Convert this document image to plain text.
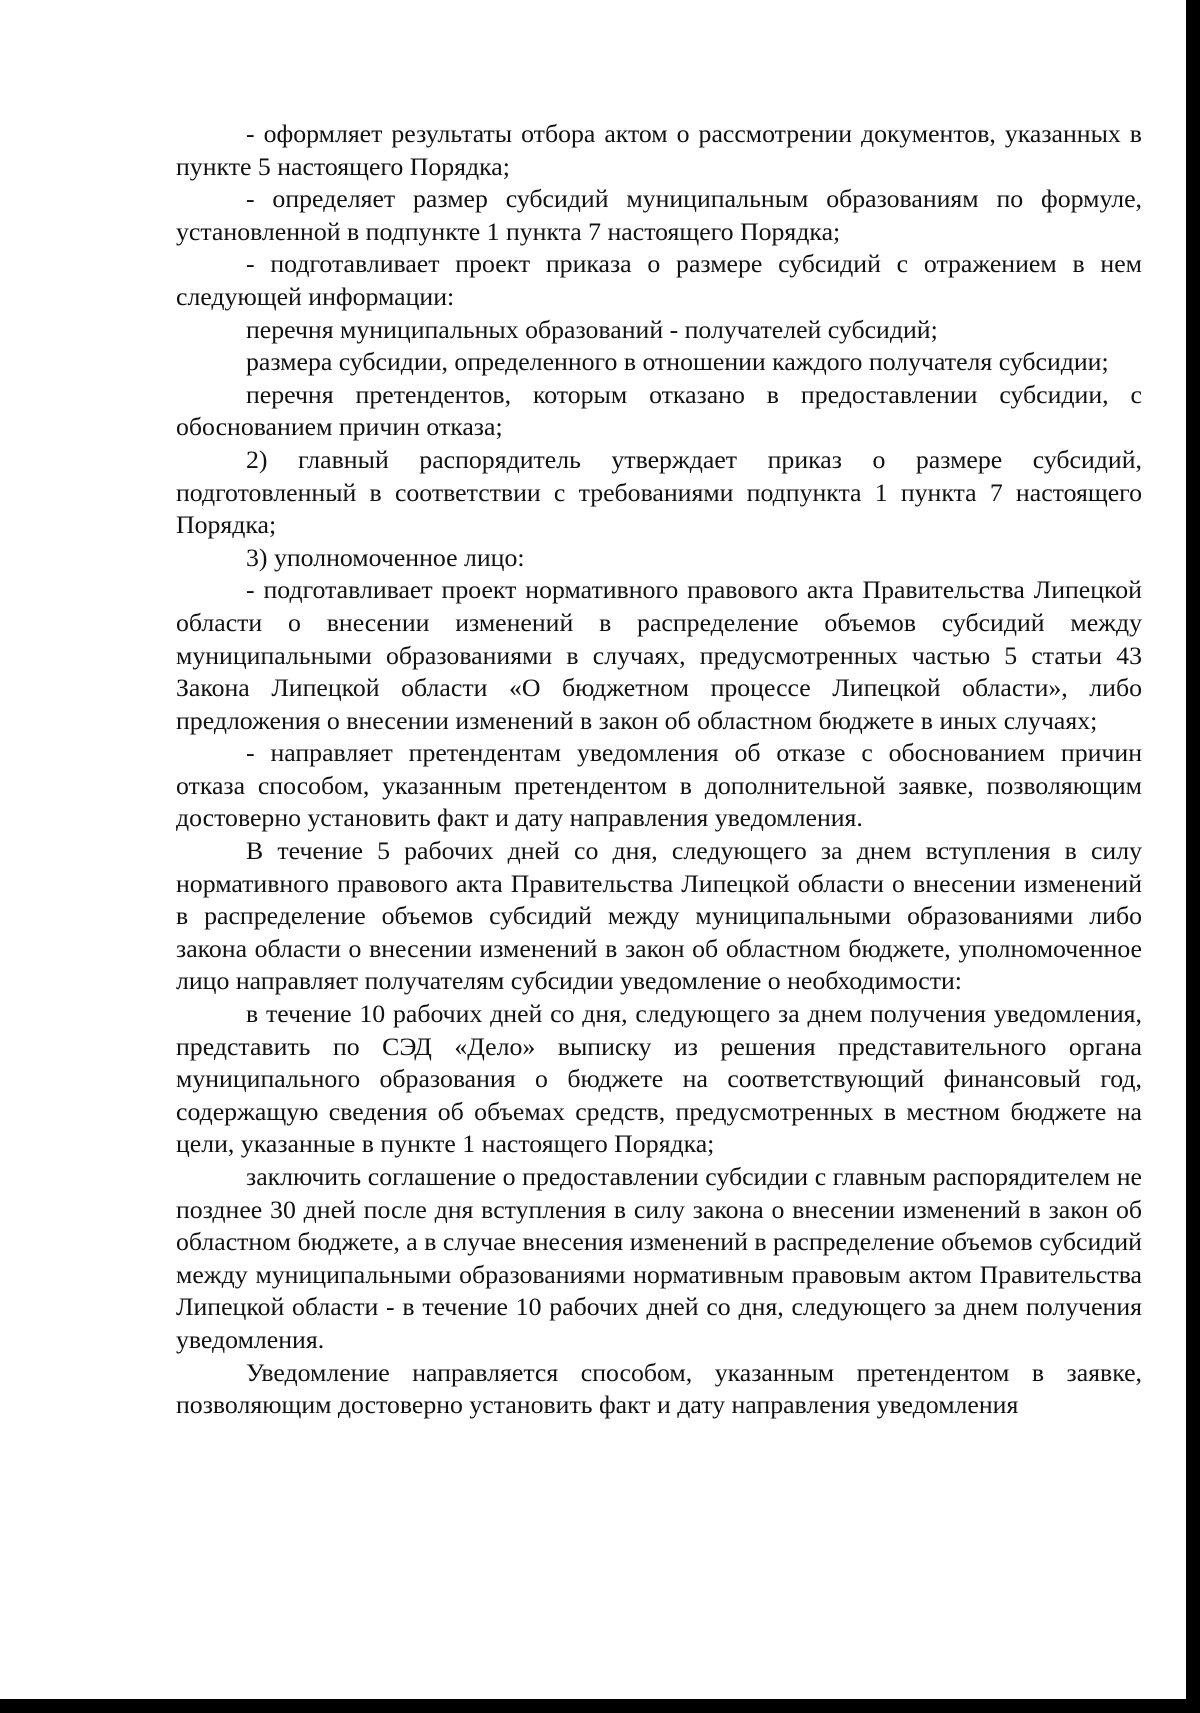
- оформляет результаты отбора актом о рассмотрении документов, указанных в пункте 5 настоящего Порядка;

- определяет размер субсидий муниципальным образованиям по формуле, установленной в подпункте 1 пункта 7 настоящего Порядка;

- подготавливает проект приказа о размере субсидий с отражением в нем следующей информации:

перечня муниципальных образований - получателей субсидий;

размера субсидии, определенного в отношении каждого получателя субсидии;

перечня претендентов, которым отказано в предоставлении субсидии, с обоснованием причин отказа;

2) главный распорядитель утверждает приказ о размере субсидий, подготовленный в соответствии с требованиями подпункта 1 пункта 7 настоящего Порядка;

3) уполномоченное лицо:

- подготавливает проект нормативного правового акта Правительства Липецкой области о внесении изменений в распределение объемов субсидий между муниципальными образованиями в случаях, предусмотренных частью 5 статьи 43 Закона Липецкой области «О бюджетном процессе Липецкой области», либо предложения о внесении изменений в закон об областном бюджете в иных случаях;

- направляет претендентам уведомления об отказе с обоснованием причин отказа способом, указанным претендентом в дополнительной заявке, позволяющим достоверно установить факт и дату направления уведомления.

В течение 5 рабочих дней со дня, следующего за днем вступления в силу нормативного правового акта Правительства Липецкой области о внесении изменений в распределение объемов субсидий между муниципальными образованиями либо закона области о внесении изменений в закон об областном бюджете, уполномоченное лицо направляет получателям субсидии уведомление о необходимости:

в течение 10 рабочих дней со дня, следующего за днем получения уведомления, представить по СЭД «Дело» выписку из решения представительного органа муниципального образования о бюджете на соответствующий финансовый год, содержащую сведения об объемах средств, предусмотренных в местном бюджете на цели, указанные в пункте 1 настоящего Порядка;

заключить соглашение о предоставлении субсидии с главным распорядителем не позднее 30 дней после дня вступления в силу закона о внесении изменений в закон об областном бюджете, а в случае внесения изменений в распределение объемов субсидий между муниципальными образованиями нормативным правовым актом Правительства Липецкой области - в течение 10 рабочих дней со дня, следующего за днем получения уведомления.

Уведомление направляется способом, указанным претендентом в заявке, позволяющим достоверно установить факт и дату направления уведомления
